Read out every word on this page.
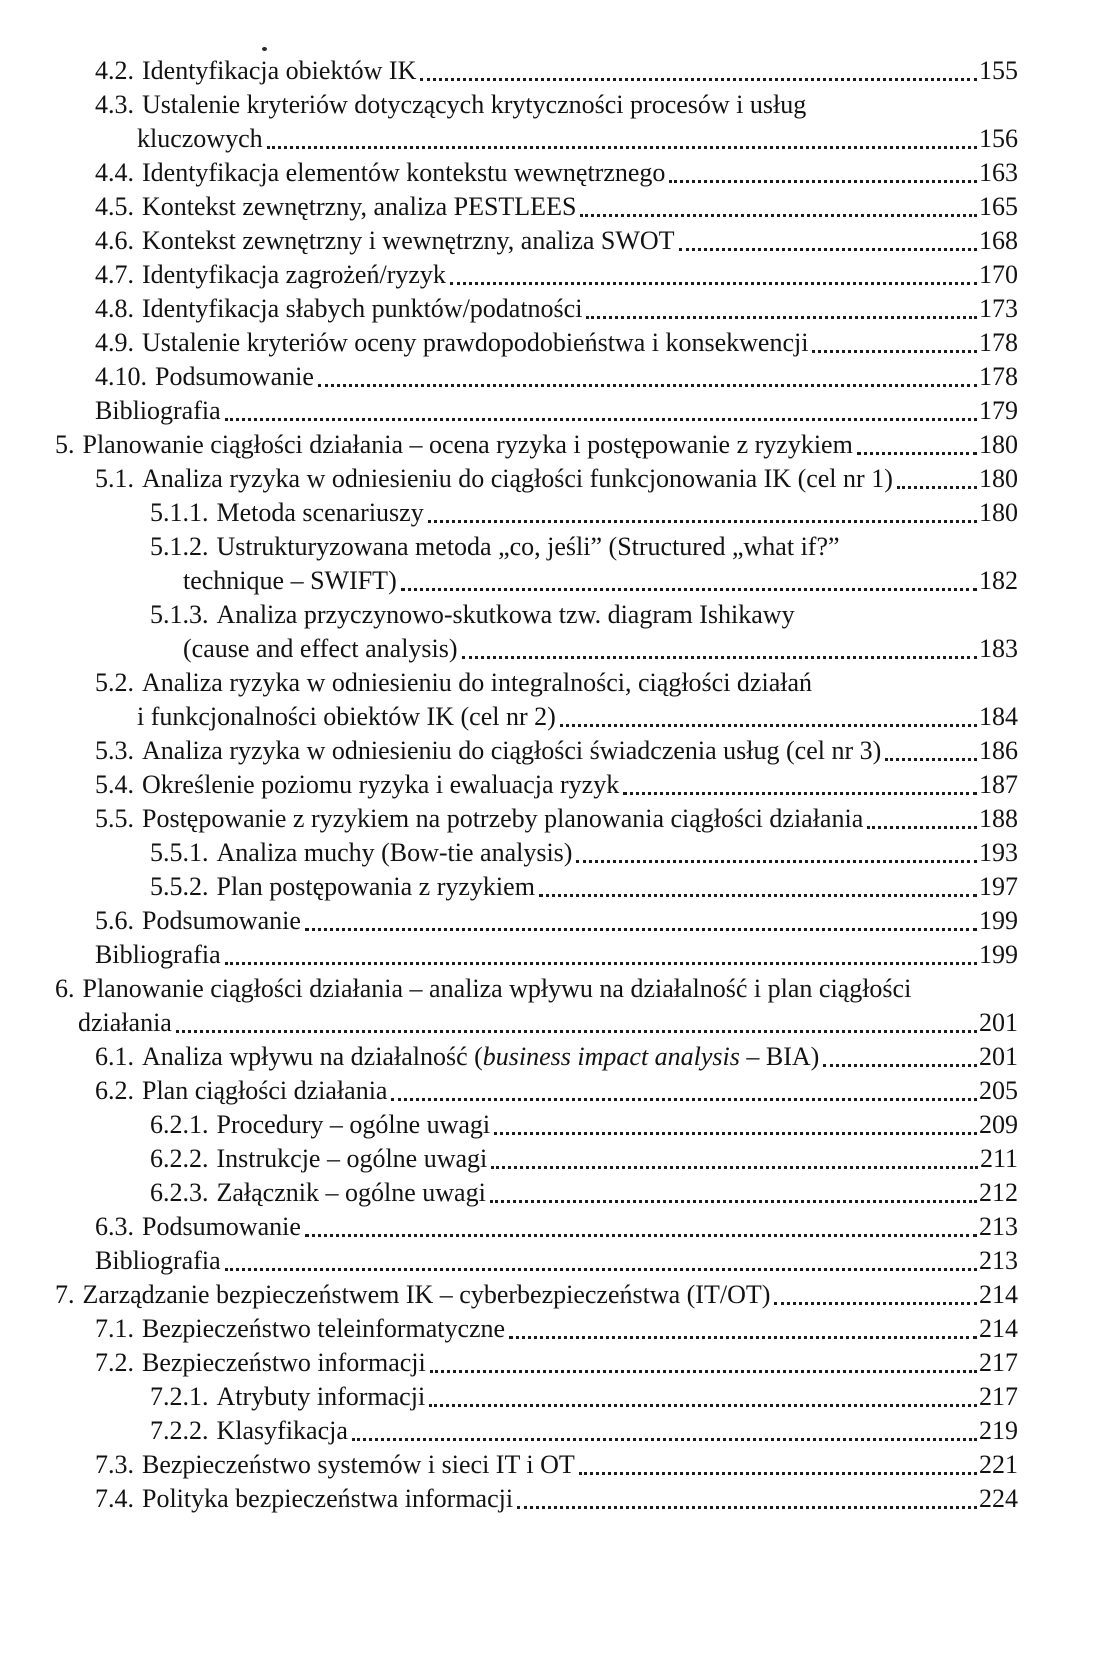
4.2. Identyfikacja obiektów IK	155
4.3. Ustalenie kryteriów dotyczących krytyczności procesów i usług
kluczowych	156
4.4. Identyfikacja elementów kontekstu wewnętrznego	163
4.5. Kontekst zewnętrzny, analiza PESTLEES	165
4.6. Kontekst zewnętrzny i wewnętrzny, analiza SWOT	168
4.7. Identyfikacja zagrożeń/ryzyk	170
4.8. Identyfikacja słabych punktów/podatności	173
4.9. Ustalenie kryteriów oceny prawdopodobieństwa i konsekwencji	178
4.10. Podsumowanie	178
Bibliografia	179
5. Planowanie ciągłości działania – ocena ryzyka i postępowanie z ryzykiem	180
5.1. Analiza ryzyka w odniesieniu do ciągłości funkcjonowania IK (cel nr 1)	180
5.1.1. Metoda scenariuszy	180
5.1.2. Ustrukturyzowana metoda „co, jeśli” (Structured „what if?”
technique – SWIFT)	182
5.1.3. Analiza przyczynowo-skutkowa tzw. diagram Ishikawy
(cause and effect analysis)	183
5.2. Analiza ryzyka w odniesieniu do integralności, ciągłości działań
i funkcjonalności obiektów IK (cel nr 2)	184
5.3. Analiza ryzyka w odniesieniu do ciągłości świadczenia usług (cel nr 3)	186
5.4. Określenie poziomu ryzyka i ewaluacja ryzyk	187
5.5. Postępowanie z ryzykiem na potrzeby planowania ciągłości działania	188
5.5.1. Analiza muchy (Bow-tie analysis)	193
5.5.2. Plan postępowania z ryzykiem	197
5.6. Podsumowanie	199
Bibliografia	199
6. Planowanie ciągłości działania – analiza wpływu na działalność i plan ciągłości
działania	201
6.1. Analiza wpływu na działalność (business impact analysis – BIA)	201
6.2. Plan ciągłości działania	205
6.2.1. Procedury – ogólne uwagi	209
6.2.2. Instrukcje – ogólne uwagi	211
6.2.3. Załącznik – ogólne uwagi	212
6.3. Podsumowanie	213
Bibliografia	213
7. Zarządzanie bezpieczeństwem IK – cyberbezpieczeństwa (IT/OT)	214
7.1. Bezpieczeństwo teleinformatyczne	214
7.2. Bezpieczeństwo informacji	217
7.2.1. Atrybuty informacji	217
7.2.2. Klasyfikacja	219
7.3. Bezpieczeństwo systemów i sieci IT i OT	221
7.4. Polityka bezpieczeństwa informacji	224
